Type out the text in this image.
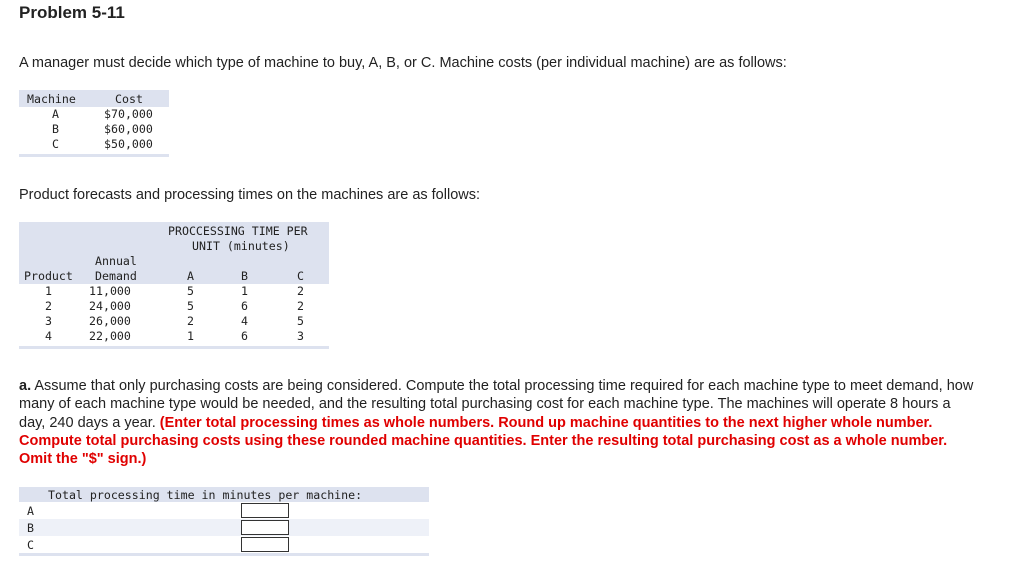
Problem 5-11
A manager must decide which type of machine to buy, A, B, or C. Machine costs (per individual machine) are as follows:
Machine	Cost
A	$70,000
B	$60,000
C	$50,000
Product forecasts and processing times on the machines are as follows:
PROCCESSING TIME PER
UNIT (minutes)
Annual
Product Demand	A	B	C
1	11,000	5	1	2
2	24,000	5	6	2
3	26,000	2	4	5
4	22,000	1	6	3
a. Assume that only purchasing costs are being considered. Compute the total processing time required for each machine type to meet demand, how many of each machine type would be needed, and the resulting total purchasing cost for each machine type. The machines will operate 8 hours a day, 240 days a year. (Enter total processing times as whole numbers. Round up machine quantities to the next higher whole number. Compute total purchasing costs using these rounded machine quantities. Enter the resulting total purchasing cost as a whole number. Omit the "$" sign.)
Total processing time in minutes per machine:
A
B
C
